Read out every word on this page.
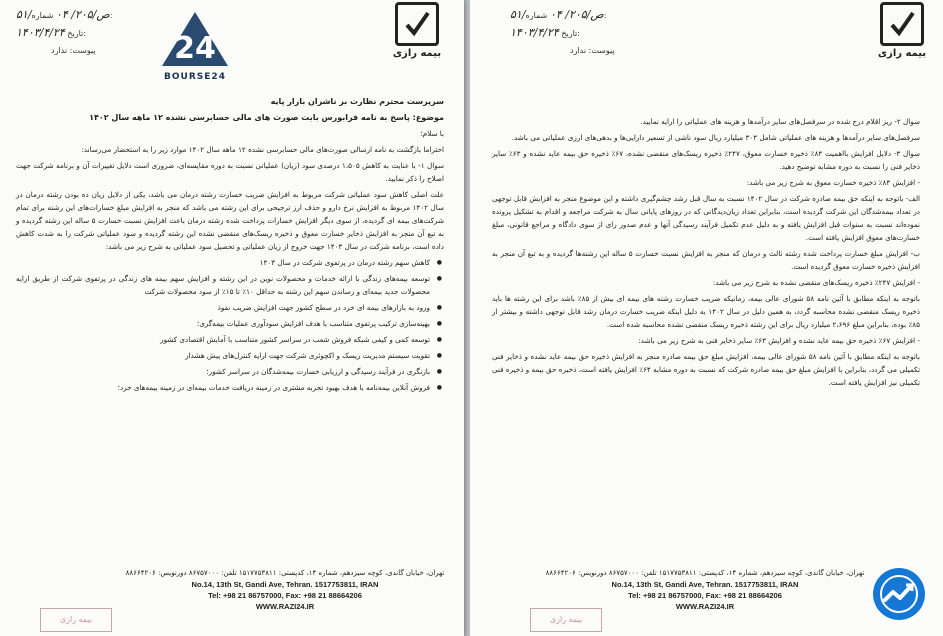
۵۱/ص/۲۰۵/ ۰۴ شماره:
۱۴۰۳/۴/۲۴ تاریخ:
پیوست: ندارد	24
BOURSE24
بیمه رازی

سرپرست محترم نظارت بر ناشران بازار پایه

موضوع: پاسخ به نامه فرابورس بابت صورت های مالی حسابرسی نشده ۱۲ ماهه سال ۱۴۰۲

با سلام؛

احتراما بازگشت به نامه ارسالی صورت‌های مالی حسابرسی نشده ۱۲ ماهه سال ۱۴۰۲ موارد زیر را به استحضار می‌رساند:

سوال ۱- با عنایت به کاهش ۱،۵۰۵ درصدی سود (زیان) عملیاتی نسبت به دوره مقایسه‌ای، ضروری است دلایل تغییرات آن و برنامه شرکت جهت اصلاح را ذکر نمایید.

علت اصلی کاهش سود عملیاتی شرکت مربوط به افزایش ضریب خسارت رشته درمان می باشد، یکی از دلایل زیان ده بودن رشته درمان در سال ۱۴۰۲ مربوط به افزایش نرخ دارو و حذف ارز ترجیحی برای این رشته می باشد که منجر به افزایش مبلغ خسارات‌های این رشته برای تمام شرکت‌های بیمه ای گردیده، از سوی دیگر افزایش خسارات پرداخت شده رشته درمان باعث افزایش نسبت خسارت ۵ ساله این رشته گردیده و به تبع آن منجر به افزایش ذخایر خسارت معوق و ذخیره ریسک‌های منقضی نشده این رشته گردیده و سود عملیاتی شرکت را به شدت کاهش داده است، برنامه شرکت در سال ۱۴۰۳ جهت خروج از زیان عملیاتی و تحصیل سود عملیاتی به شرح زیر می باشد:

● کاهش سهم رشته درمان در پرتفوی شرکت در سال ۱۴۰۳
● توسعه بیمه‌های زندگی با ارائه خدمات و محصولات نوین در این رشته و افزایش سهم بیمه های زندگی در پرتفوی شرکت از طریق ارایه محصولات جدید بیمه‌ای و رساندن سهم این رشته به حداقل ۱۰٪ تا ۱۵٪ از سود محصولات شرکت
● ورود به بازارهای بیمه ای خرد در سطح کشور جهت افزایش ضریب نفوذ
● بهینه‌سازی ترکیب پرتفوی متناسب با هدف افزایش سودآوری عملیات بیمه‌گری؛
● توسعه کمی و کیفی شبکه فروش شعب در سراسر کشور متناسب با آمایش اقتصادی کشور
● تقویت سیستم مدیریت ریسک و اکچوئری شرکت جهت ارایه کنترل‌های پیش هشدار
● بازنگری در فرآیند رسیدگی و ارزیابی خسارت بیمه‌شدگان در سراسر کشور؛
● فروش آنلاین بیمه‌نامه با هدف بهبود تجربه مشتری در زمینه دریافت خدمات بیمه‌ای در زمینه بیمه‌های خرد؛
تهران، خیابان گاندی، کوچه سیزدهم، شماره ۱۴، کدپستی: ۱۵۱۷۷۵۳۸۱۱ تلفن: ۸۶۷۵۷۰۰۰ دورنویس: ۸۸۶۶۴۲۰۶
No.14, 13th St, Gandi Ave, Tehran. 1517753811, IRAN
Tel: +98 21 86757000, Fax: +98 21 88664206
WWW.RAZI24.IR
بیمه رازی
۵۱/ص/۲۰۵/ ۰۴ شماره:
۱۴۰۳/۴/۲۴ تاریخ:
پیوست: ندارد	بیمه رازی

سوال ۲- ریز اقلام درج شده در سرفصل‌های سایر درآمدها و هزینه های عملیاتی را ارایه نمایید.

سرفصل‌های سایر درآمدها و هزینه های عملیاتی شامل ۳۰۳ میلیارد ریال سود ناشی از تسعیر دارایی‌ها و بدهی‌های ارزی عملیاتی می باشد.

سوال ۳- دلایل افزایش بااهمیت ۸۴٪ ذخیره خسارت معوق، ۲۴۷٪ ذخیره ریسک‌های منقضی نشده، ۶۷٪ ذخیره حق بیمه عاید نشده و ۶۳٪ سایر ذخایر فنی را نسبت به دوره مشابه توضیح دهید.

- افزایش ۸۴٪ ذخیره خسارت معوق به شرح زیر می باشد:

الف- باتوجه به اینکه حق بیمه صادره شرکت در سال ۱۴۰۲ نسبت به سال قبل رشد چشم‌گیری داشته و این موضوع منجر به افزایش قابل توجهی در تعداد بیمه‌شدگان این شرکت گردیده است، بنابراین تعداد زیان‌دیدگانی که در روزهای پایانی سال به شرکت مراجعه و اقدام به تشکیل پرونده نموده‌اند نسبت به سنوات قبل افزایش یافته و به دلیل عدم تکمیل فرآیند رسیدگی آنها و عدم صدور رای از سوی دادگاه و مراجع قانونی، مبلغ خسارت‌های معوق افزایش یافته است.

ب- افزایش مبلغ خسارت پرداخت شده رشته ثالث و درمان که منجر به افزایش نسبت خسارت ۵ ساله این رشته‌ها گردیده و به تبع آن منجر به افزایش ذخیره خسارت معوق گردیده است.

- افزایش ۲۴۷٪ ذخیره ریسک‌های منقضی نشده به شرح زیر می باشد:

باتوجه به اینکه مطابق با آئین نامه ۵۸ شورای عالی بیمه، زمانیکه ضریب خسارت رشته های بیمه ای بیش از ۸۵٪ باشد برای این رشته ها باید ذخیره ریسک منقضی نشده محاسبه گردد، به همین دلیل در سال ۱۴۰۲ به دلیل اینکه ضریب خسارت درمان رشد قابل توجهی داشته و بیشتر از ۸۵٪ بوده، بنابراین مبلغ ۲،۶۹۶ میلیارد ریال برای این رشته ذخیره ریسک منقضی نشده محاسبه شده است.

- افزایش ۶۷٪ ذخیره حق بیمه عاید نشده و افزایش ۶۳٪ سایر ذخایر فنی به شرح زیر می باشد:

باتوجه به اینکه مطابق با آئین نامه ۵۸ شورای عالی بیمه، افزایش مبلغ حق بیمه صادره منجر به افزایش ذخیره حق بیمه عاید نشده و ذخایر فنی تکمیلی می گردد، بنابراین با افزایش مبلغ حق بیمه صادره شرکت که نسبت به دوره مشابه ۶۴٪ افزایش یافته است، ذخیره حق بیمه و ذخیره فنی تکمیلی نیز افزایش یافته است.

تهران، خیابان گاندی، کوچه سیزدهم، شماره ۱۴، کدپستی: ۱۵۱۷۷۵۳۸۱۱ تلفن: ۸۶۷۵۷۰۰۰ دورنویس: ۸۸۶۶۴۲۰۶
No.14, 13th St, Gandi Ave, Tehran. 1517753811, IRAN
Tel: +98 21 86757000, Fax: +98 21 88664206
WWW.RAZI24.IR
بیمه رازی
